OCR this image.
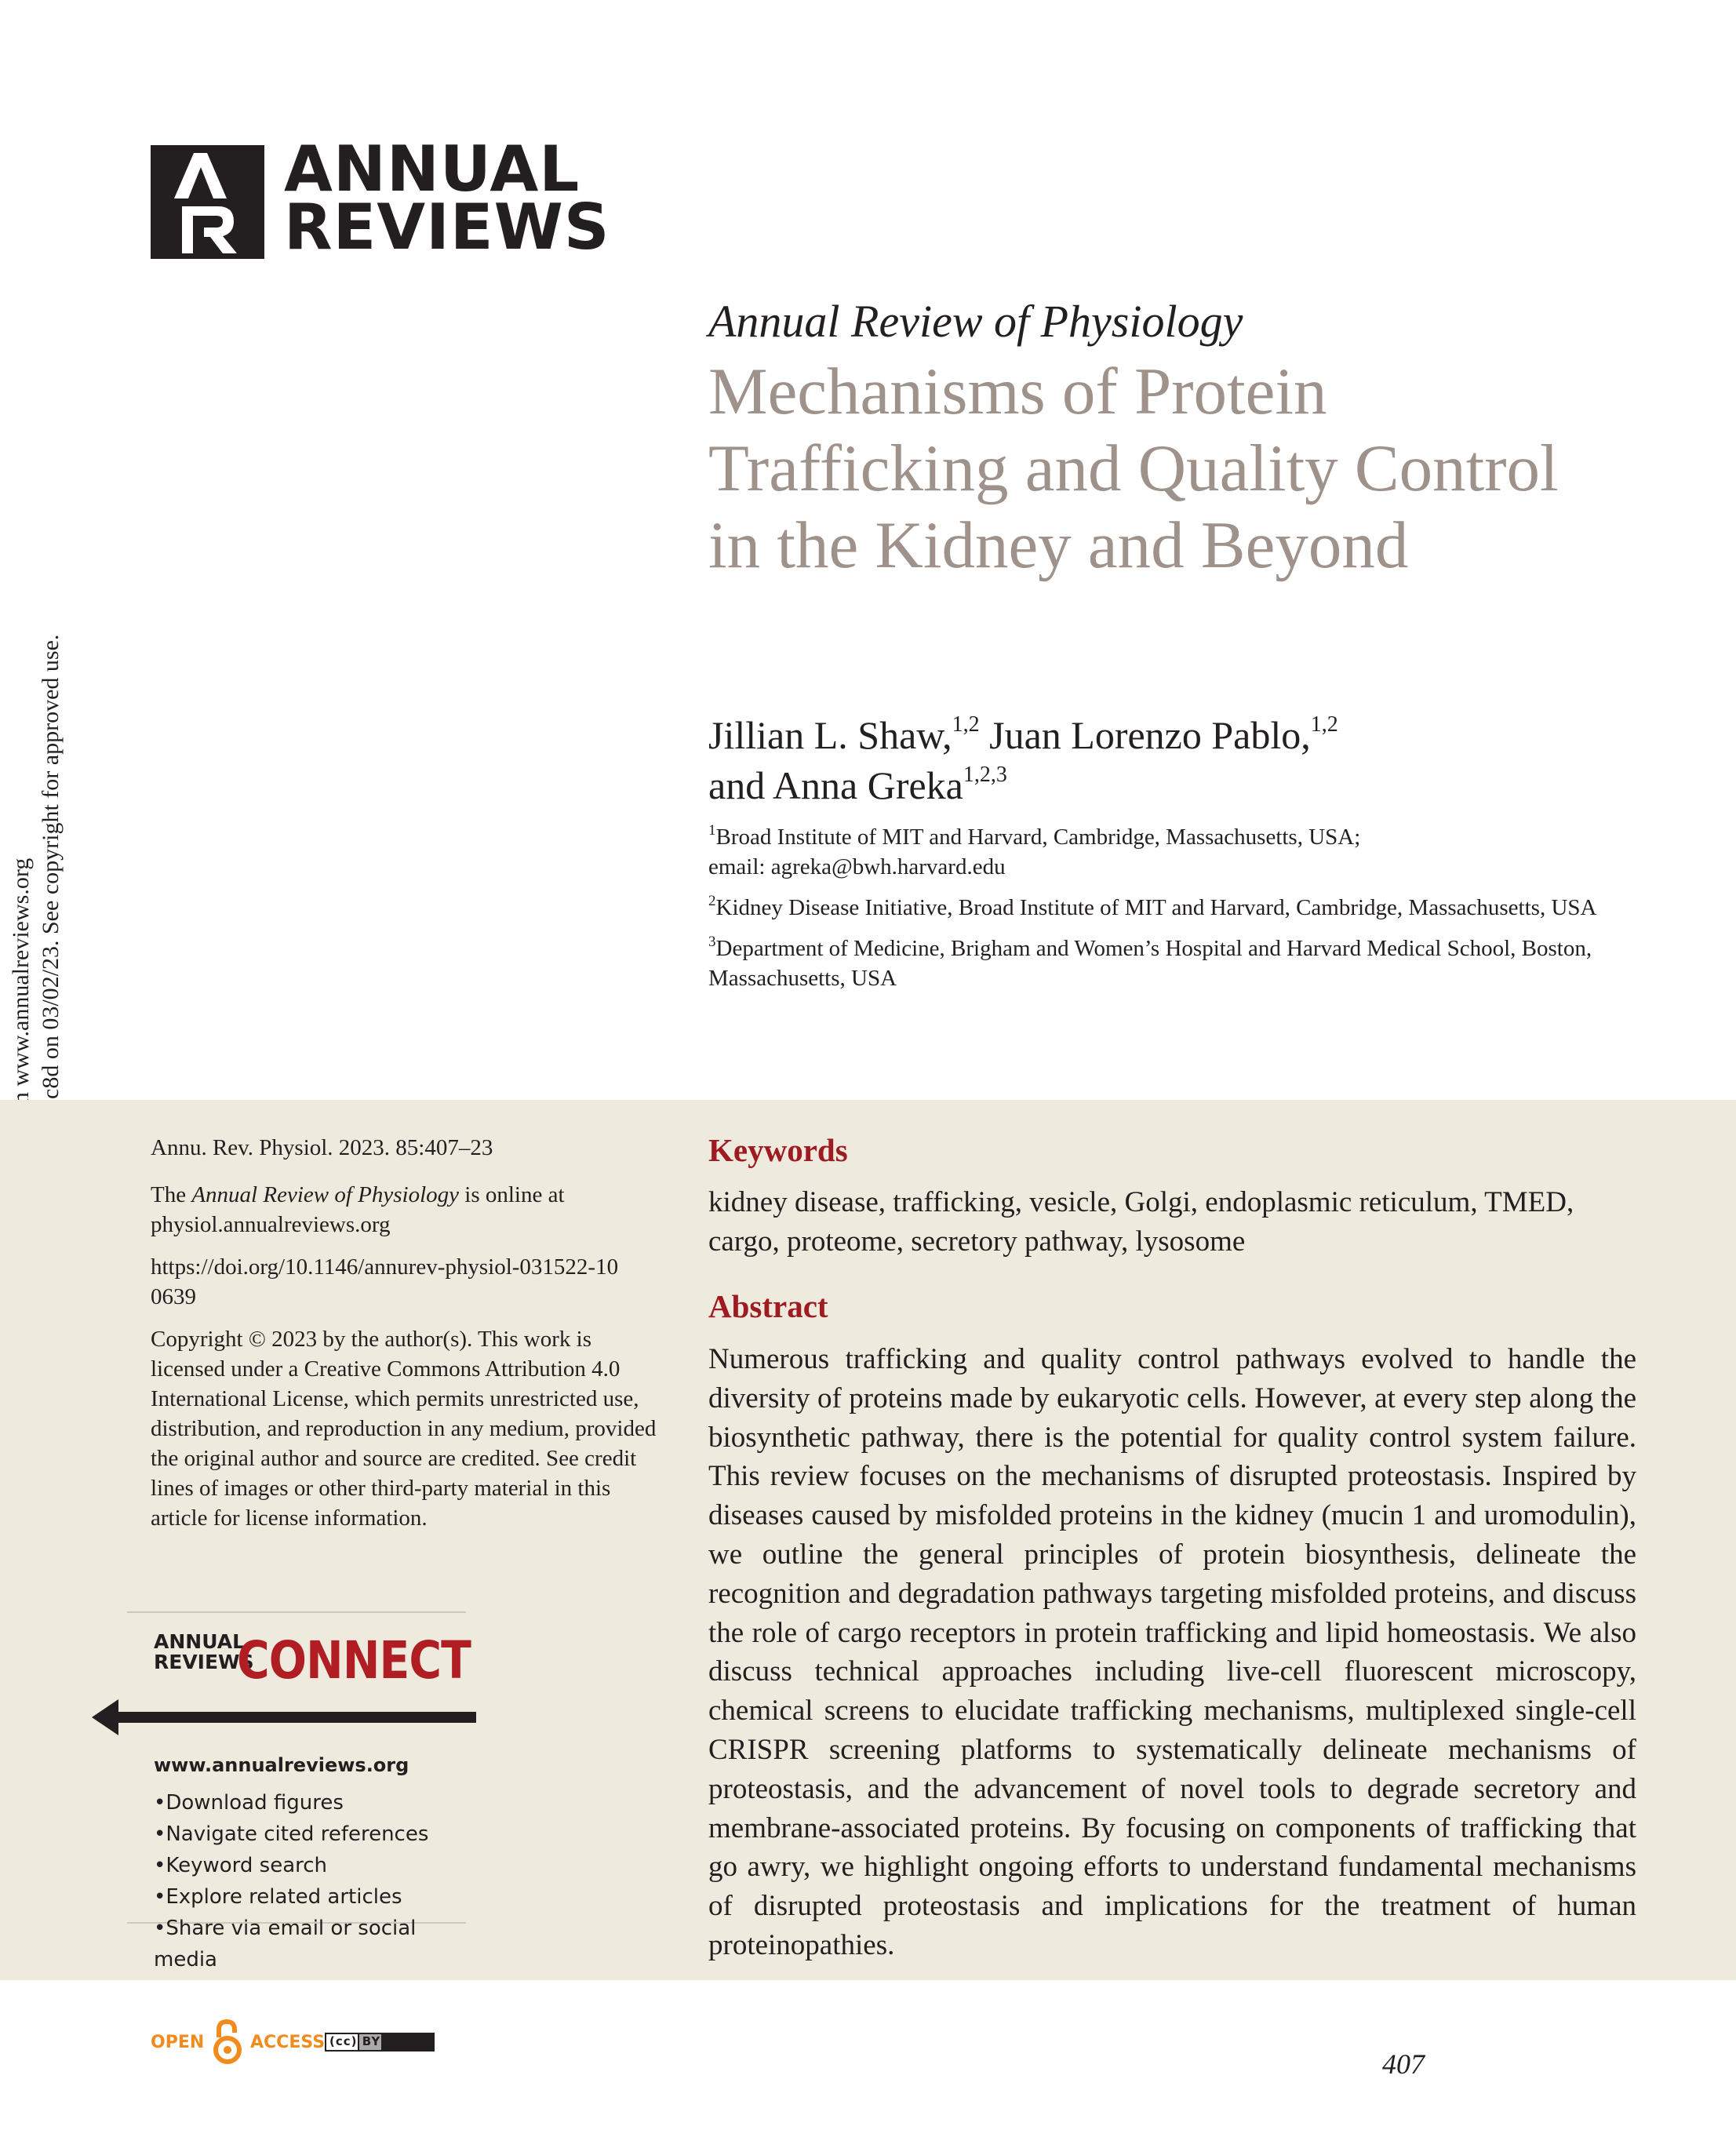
ANNUAL
REVIEWS
Annual Review of Physiology
Mechanisms of Protein Trafficking and Quality Control in the Kidney and Beyond
Jillian L. Shaw,$^{1,2}$ Juan Lorenzo Pablo,$^{1,2}$
and Anna Greka$^{1,2,3}$
$^1$Broad Institute of MIT and Harvard, Cambridge, Massachusetts, USA;
email: agreka@bwh.harvard.edu
$^2$Kidney Disease Initiative, Broad Institute of MIT and Harvard, Cambridge, Massachusetts, USA
$^3$Department of Medicine, Brigham and Women’s Hospital and Harvard Medical School, Boston, Massachusetts, USA

Annu. Rev. Physiol. 2023. 85:407–23

The Annual Review of Physiology is online at physiol.annualreviews.org

https://doi.org/10.1146/annurev-physiol-031522-100639

Copyright © 2023 by the author(s). This work is licensed under a Creative Commons Attribution 4.0 International License, which permits unrestricted use, distribution, and reproduction in any medium, provided the original author and source are credited. See credit lines of images or other third-party material in this article for license information.

ANNUAL
REVIEWS
CONNECT
www.annualreviews.org
• Download figures
• Navigate cited references
• Keyword search
• Explore related articles
• Share via email or social media
Keywords
kidney disease, trafficking, vesicle, Golgi, endoplasmic reticulum, TMED, cargo, proteome, secretory pathway, lysosome
Abstract
Numerous trafficking and quality control pathways evolved to handle the diversity of proteins made by eukaryotic cells. However, at every step along the biosynthetic pathway, there is the potential for quality control system failure. This review focuses on the mechanisms of disrupted proteostasis. Inspired by diseases caused by misfolded proteins in the kidney (mucin 1 and uromodulin), we outline the general principles of protein biosynthesis, delineate the recognition and degradation pathways targeting misfolded proteins, and discuss the role of cargo receptors in protein trafficking and lipid homeostasis. We also discuss technical approaches including live-cell fluorescent microscopy, chemical screens to elucidate trafficking mechanisms, multiplexed single-cell CRISPR screening platforms to systematically delineate mechanisms of proteostasis, and the advancement of novel tools to degrade secretory and membrane-associated proteins. By focusing on components of trafficking that go awry, we highlight ongoing efforts to understand fundamental mechanisms of disrupted proteostasis and implications for the treatment of human proteinopathies.
OPEN	ACCESS (cc) BY
407
